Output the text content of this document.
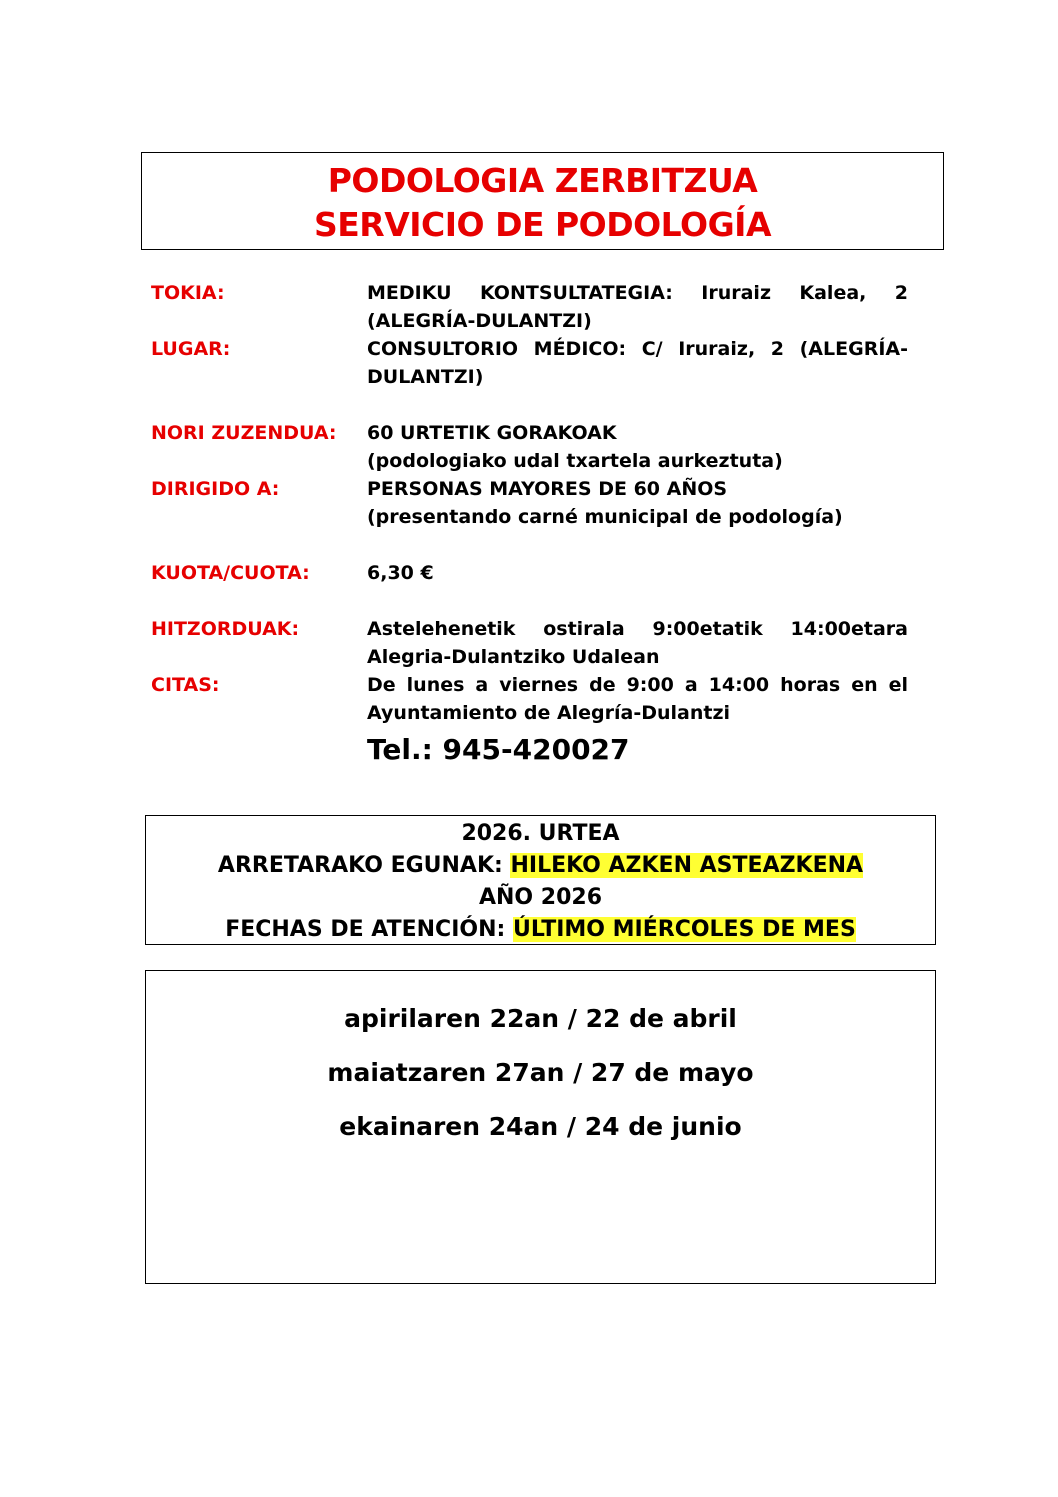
PODOLOGIA ZERBITZUA
SERVICIO DE PODOLOGÍA
TOKIA:	MEDIKU KONTSULTATEGIA: Iruraiz Kalea, 2 (ALEGRÍA-DULANTZI)
LUGAR:	CONSULTORIO MÉDICO: C/ Iruraiz, 2 (ALEGRÍA-DULANTZI)
NORI ZUZENDUA:	60 URTETIK GORAKOAK
(podologiako udal txartela aurkeztuta)
DIRIGIDO A:	PERSONAS MAYORES DE 60 AÑOS
(presentando carné municipal de podología)
KUOTA/CUOTA:	6,30 €
HITZORDUAK:	Astelehenetik ostirala 9:00etatik 14:00etara Alegria-Dulantziko Udalean
CITAS:	De lunes a viernes de 9:00 a 14:00 horas en el Ayuntamiento de Alegría-Dulantzi
Tel.: 945-420027
2026. URTEA
ARRETARAKO EGUNAK: HILEKO AZKEN ASTEAZKENA
AÑO 2026
FECHAS DE ATENCIÓN: ÚLTIMO MIÉRCOLES DE MES
apirilaren 22an / 22 de abril
maiatzaren 27an / 27 de mayo
ekainaren 24an / 24 de junio
